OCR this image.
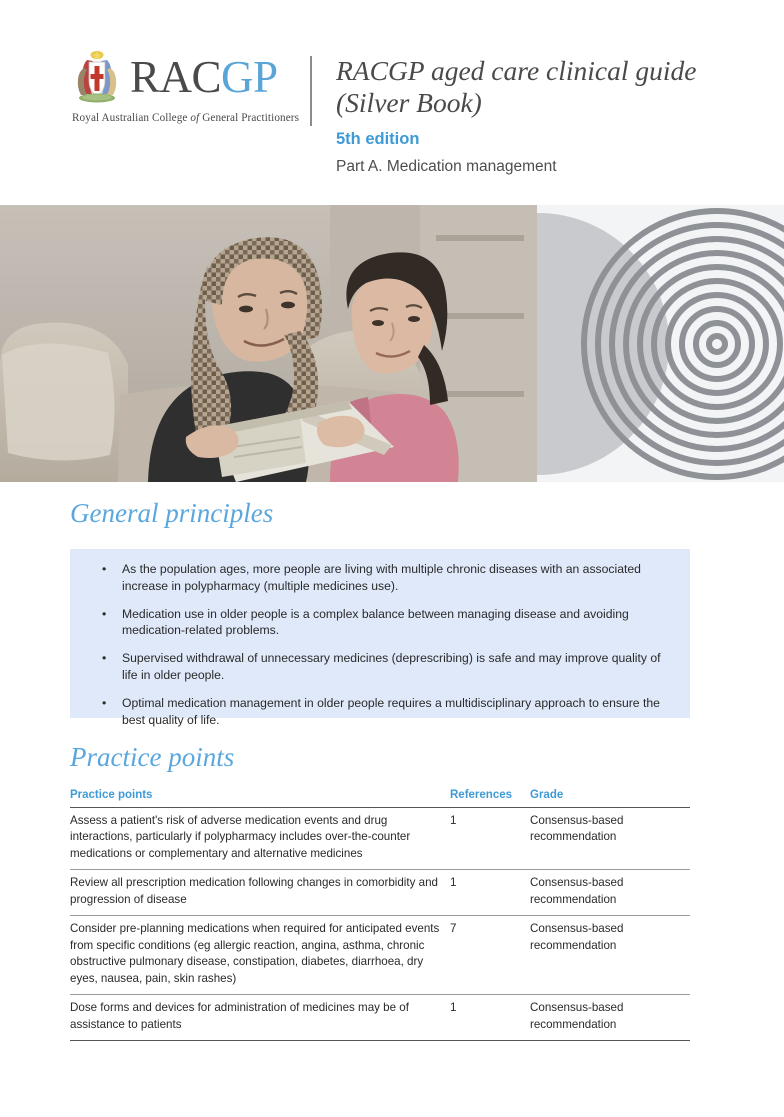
RACGP
Royal Australian College of General Practitioners
RACGP aged care clinical guide (Silver Book)
5th edition
Part A. Medication management
General principles
• As the population ages, more people are living with multiple chronic diseases with an associated increase in polypharmacy (multiple medicines use).
• Medication use in older people is a complex balance between managing disease and avoiding medication-related problems.
• Supervised withdrawal of unnecessary medicines (deprescribing) is safe and may improve quality of life in older people.
• Optimal medication management in older people requires a multidisciplinary approach to ensure the best quality of life.
Practice points
Practice points	References	Grade
Assess a patient's risk of adverse medication events and drug interactions, particularly if polypharmacy includes over-the-counter medications or complementary and alternative medicines	1	Consensus-based recommendation
Review all prescription medication following changes in comorbidity and progression of disease	1	Consensus-based recommendation
Consider pre-planning medications when required for anticipated events from specific conditions (eg allergic reaction, angina, asthma, chronic obstructive pulmonary disease, constipation, diabetes, diarrhoea, dry eyes, nausea, pain, skin rashes)	7	Consensus-based recommendation
Dose forms and devices for administration of medicines may be of assistance to patients	1	Consensus-based recommendation
